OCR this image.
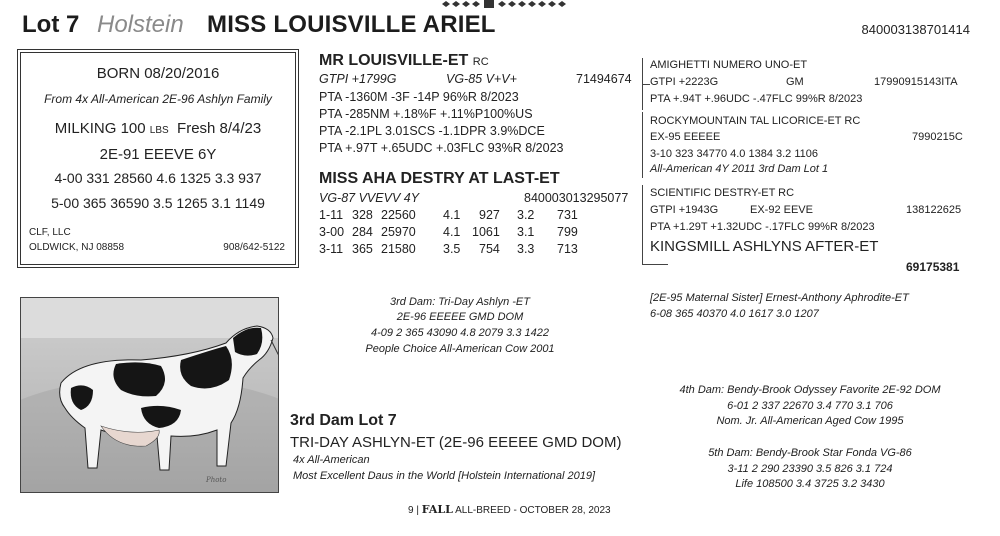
Lot 7 Holstein MISS LOUISVILLE ARIEL	840003138701414
BORN 08/20/2016
From 4x All-American 2E-96 Ashlyn Family
MILKING 100 LBS Fresh 8/4/23
2E-91 EEEVE 6Y
4-00 331 28560 4.6 1325 3.3 937
5-00 365 36590 3.5 1265 3.1 1149
CLF, LLC
OLDWICK, NJ 08858	908/642-5122
MR LOUISVILLE-ET RC
GTPI +1799G	VG-85 V+V+	71494674
PTA -1360M -3F -14P 96%R 8/2023
PTA -285NM +.18%F +.11%P100%US
PTA -2.1PL 3.01SCS -1.1DPR 3.9%DCE
PTA +.97T +.65UDC +.03FLC 93%R 8/2023
MISS AHA DESTRY AT LAST-ET
VG-87 VVEVV 4Y	840003013295077
1-11 328 22560 4.1 927 3.2 731
3-00 284 25970 4.1 1061 3.1 799
3-11 365 21580 3.5 754 3.3 713
AMIGHETTI NUMERO UNO-ET
GTPI +2223G	GM	17990915143ITA
PTA +.94T +.96UDC -.47FLC 99%R 8/2023
ROCKYMOUNTAIN TAL LICORICE-ET RC
EX-95 EEEEE	7990215C
3-10 323 34770 4.0 1384 3.2 1106
All-American 4Y 2011 3rd Dam Lot 1
SCIENTIFIC DESTRY-ET RC
GTPI +1943G	EX-92 EEVE	138122625
PTA +1.29T +1.32UDC -.17FLC 99%R 8/2023
KINGSMILL ASHLYNS AFTER-ET
69175381
Photo
3rd Dam: Tri-Day Ashlyn -ET
2E-96 EEEEE GMD DOM
4-09 2 365 43090 4.8 2079 3.3 1422
People Choice All-American Cow 2001
[2E-95 Maternal Sister] Ernest-Anthony Aphrodite-ET
6-08 365 40370 4.0 1617 3.0 1207
4th Dam: Bendy-Brook Odyssey Favorite 2E-92 DOM
6-01 2 337 22670 3.4 770 3.1 706
Nom. Jr. All-American Aged Cow 1995
5th Dam: Bendy-Brook Star Fonda VG-86
3-11 2 290 23390 3.5 826 3.1 724
Life 108500 3.4 3725 3.2 3430
3rd Dam Lot 7
TRI-DAY ASHLYN-ET (2E-96 EEEEE GMD DOM)
4x All-American
Most Excellent Daus in the World [Holstein International 2019]
9 | FALL ALL-BREED - OCTOBER 28, 2023
